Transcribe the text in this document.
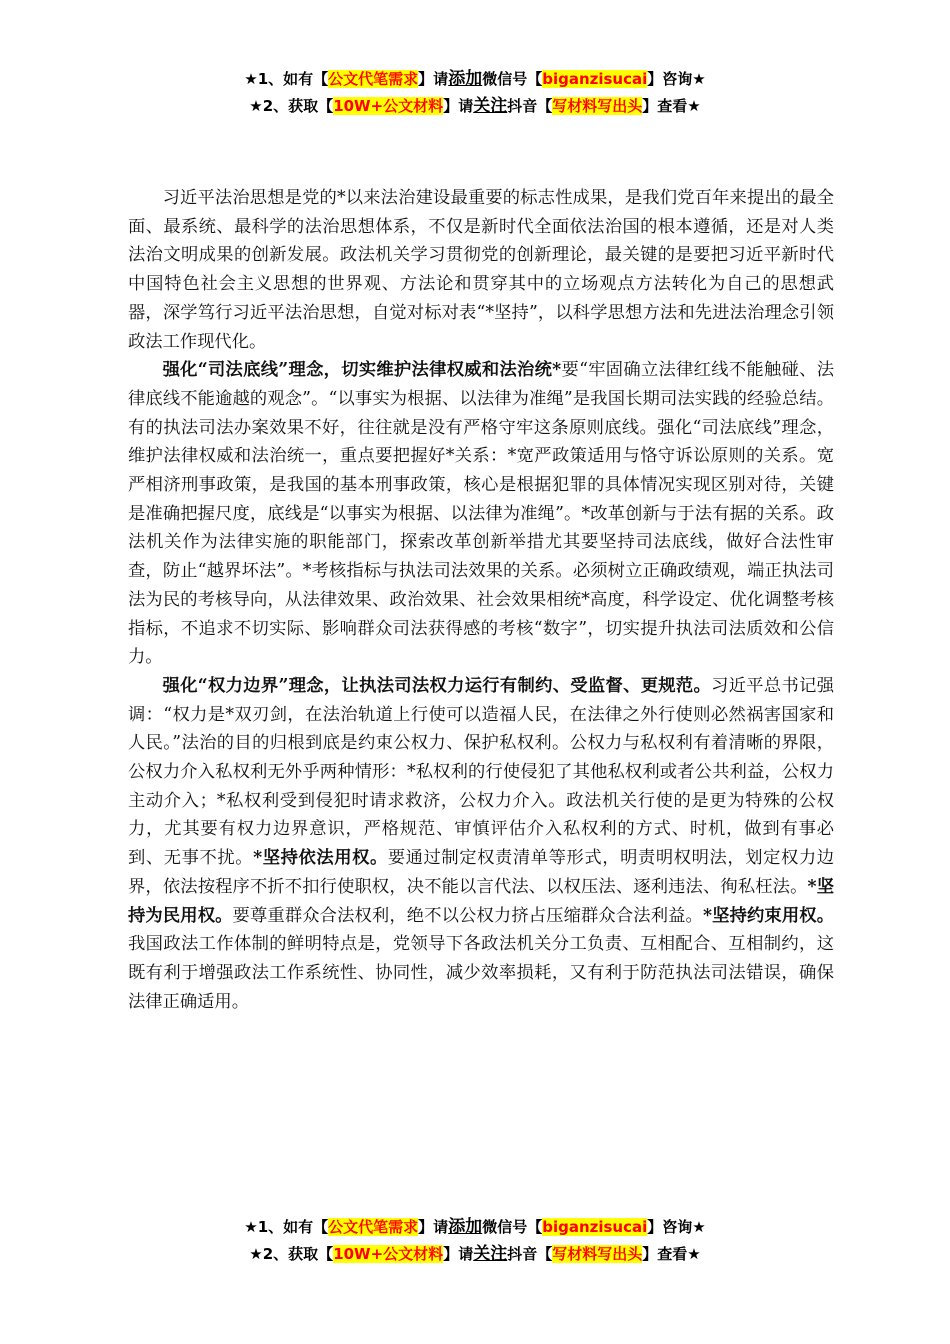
★1、如有【公文代笔需求】请添加微信号【biganzisucai】咨询★
★2、获取【10W+公文材料】请关注抖音【写材料写出头】查看★

习近平法治思想是党的*以来法治建设最重要的标志性成果，是我们党百年来提出的最全面、最系统、最科学的法治思想体系，不仅是新时代全面依法治国的根本遵循，还是对人类法治文明成果的创新发展。政法机关学习贯彻党的创新理论，最关键的是要把习近平新时代中国特色社会主义思想的世界观、方法论和贯穿其中的立场观点方法转化为自己的思想武器，深学笃行习近平法治思想，自觉对标对表“*坚持”，以科学思想方法和先进法治理念引领政法工作现代化。

强化“司法底线”理念，切实维护法律权威和法治统*要“牢固确立法律红线不能触碰、法律底线不能逾越的观念”。“以事实为根据、以法律为准绳”是我国长期司法实践的经验总结。有的执法司法办案效果不好，往往就是没有严格守牢这条原则底线。强化“司法底线”理念，维护法律权威和法治统一，重点要把握好*关系：*宽严政策适用与恪守诉讼原则的关系。宽严相济刑事政策，是我国的基本刑事政策，核心是根据犯罪的具体情况实现区别对待，关键是准确把握尺度，底线是“以事实为根据、以法律为准绳”。*改革创新与于法有据的关系。政法机关作为法律实施的职能部门，探索改革创新举措尤其要坚持司法底线，做好合法性审查，防止“越界坏法”。*考核指标与执法司法效果的关系。必须树立正确政绩观，端正执法司法为民的考核导向，从法律效果、政治效果、社会效果相统*高度，科学设定、优化调整考核指标，不追求不切实际、影响群众司法获得感的考核“数字”，切实提升执法司法质效和公信力。

强化“权力边界”理念，让执法司法权力运行有制约、受监督、更规范。习近平总书记强调：“权力是*双刃剑，在法治轨道上行使可以造福人民，在法律之外行使则必然祸害国家和人民。”法治的目的归根到底是约束公权力、保护私权利。公权力与私权利有着清晰的界限，公权力介入私权利无外乎两种情形：*私权利的行使侵犯了其他私权利或者公共利益，公权力主动介入；*私权利受到侵犯时请求救济，公权力介入。政法机关行使的是更为特殊的公权力，尤其要有权力边界意识，严格规范、审慎评估介入私权利的方式、时机，做到有事必到、无事不扰。*坚持依法用权。要通过制定权责清单等形式，明责明权明法，划定权力边界，依法按程序不折不扣行使职权，决不能以言代法、以权压法、逐利违法、徇私枉法。*坚持为民用权。要尊重群众合法权利，绝不以公权力挤占压缩群众合法利益。*坚持约束用权。我国政法工作体制的鲜明特点是，党领导下各政法机关分工负责、互相配合、互相制约，这既有利于增强政法工作系统性、协同性，减少效率损耗，又有利于防范执法司法错误，确保法律正确适用。

★1、如有【公文代笔需求】请添加微信号【biganzisucai】咨询★
★2、获取【10W+公文材料】请关注抖音【写材料写出头】查看★
